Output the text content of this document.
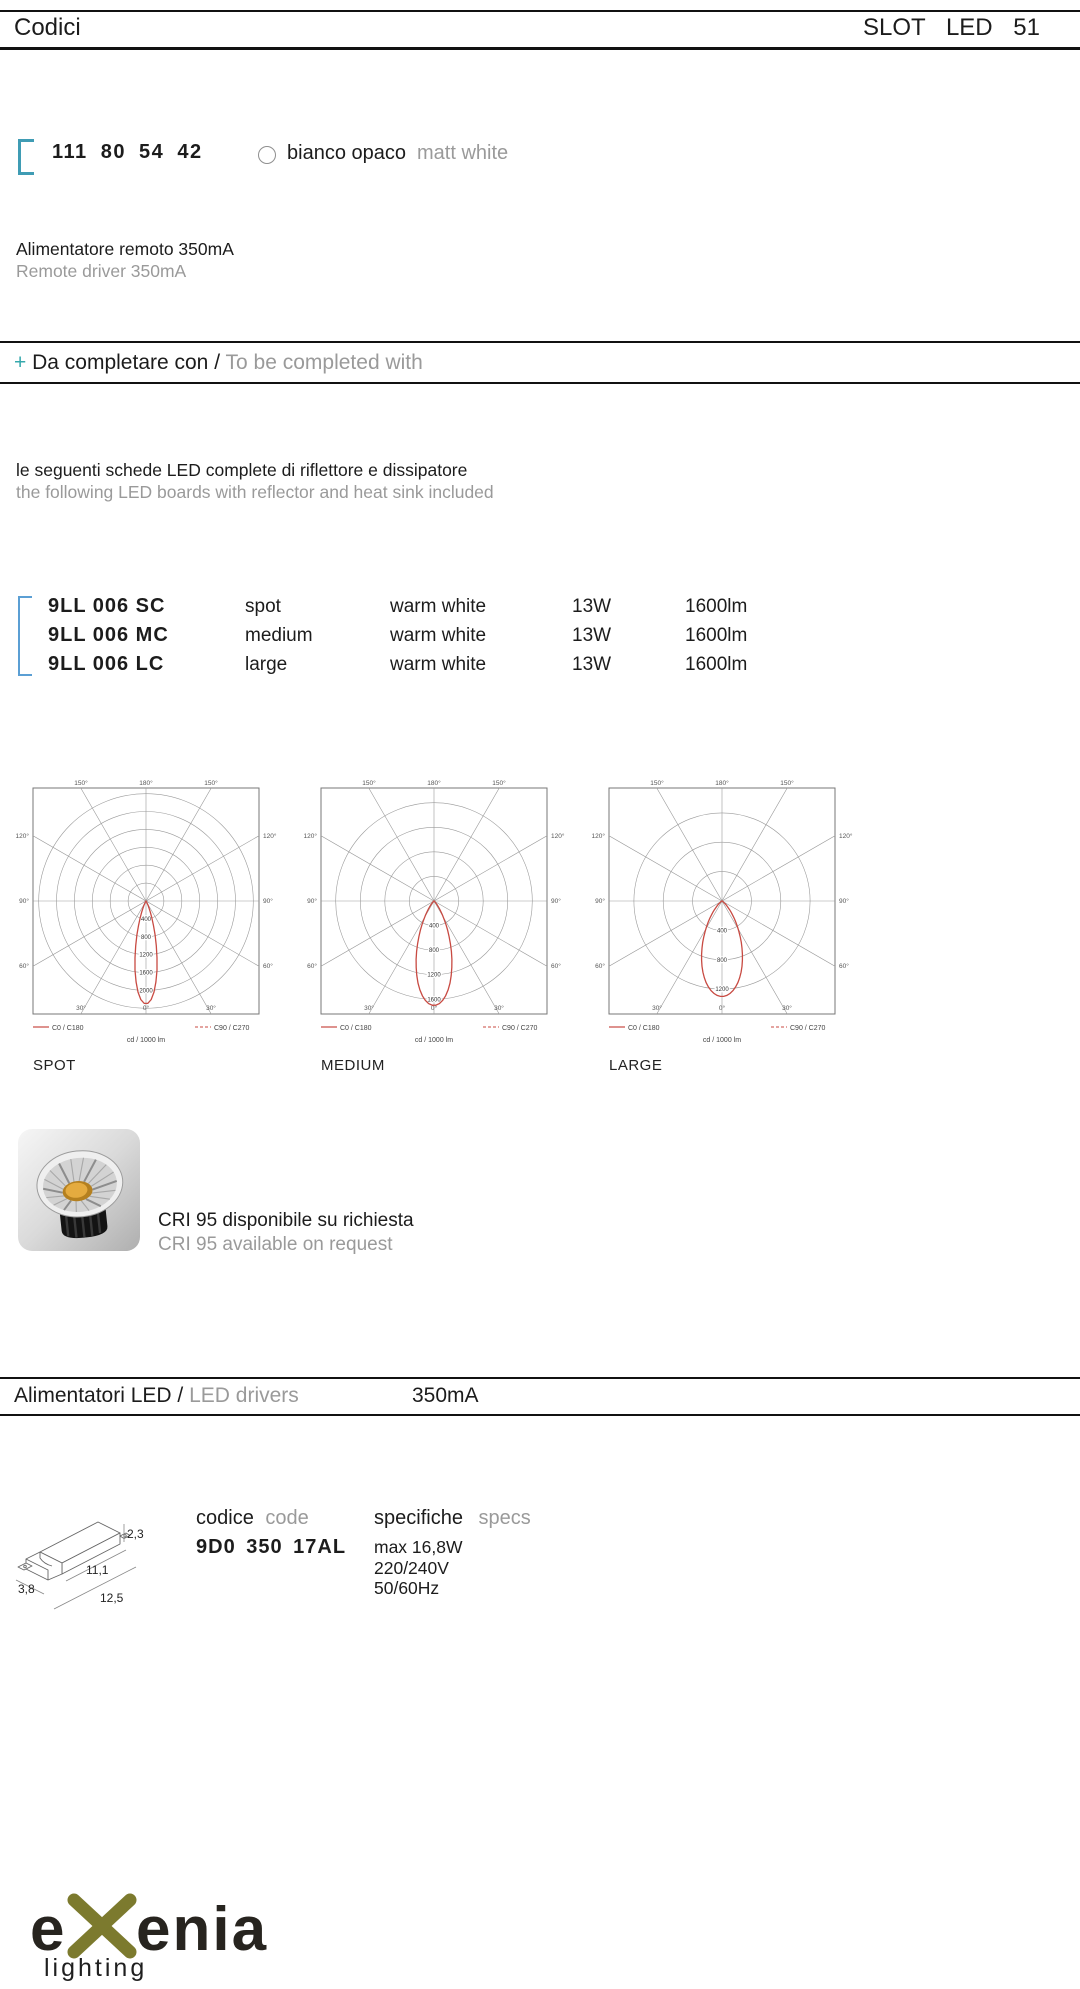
Codici	SLOT LED 51
111 80 54 42	bianco opaco matt white
Alimentatore remoto 350mA
Remote driver 350mA
+ Da completare con / To be completed with
le seguenti schede LED complete di riflettore e dissipatore
the following LED boards with reflector and heat sink included
9LL 006 SC	spot	warm white	13W	1600lm
9LL 006 MC	medium	warm white	13W	1600lm
9LL 006 LC	large	warm white	13W	1600lm
180°
150°	150°
120°
90°
60°
120°
90°
60°
30°	0°	30°
400
800
1200
1600
2000
C0 / C180	C90 / C270
cd / 1000 lm
SPOT
180°
150°	150°
120°
90°
60°
120°
90°
60°
30°	0°	30°
400
800
1200
1600
C0 / C180	C90 / C270
cd / 1000 lm
MEDIUM
180°
150°	150°
120°
90°
60°
120°
90°
60°
30°	0°	30°
400
800
1200
C0 / C180	C90 / C270
cd / 1000 lm
LARGE
CRI 95 disponibile su richiesta
CRI 95 available on request
Alimentatori LED / LED drivers	350mA
2,3
11,1
3,8
12,5
codice code
9D0 350 17AL
specifiche specs
max 16,8W
220/240V
50/60Hz
e enia
lighting
